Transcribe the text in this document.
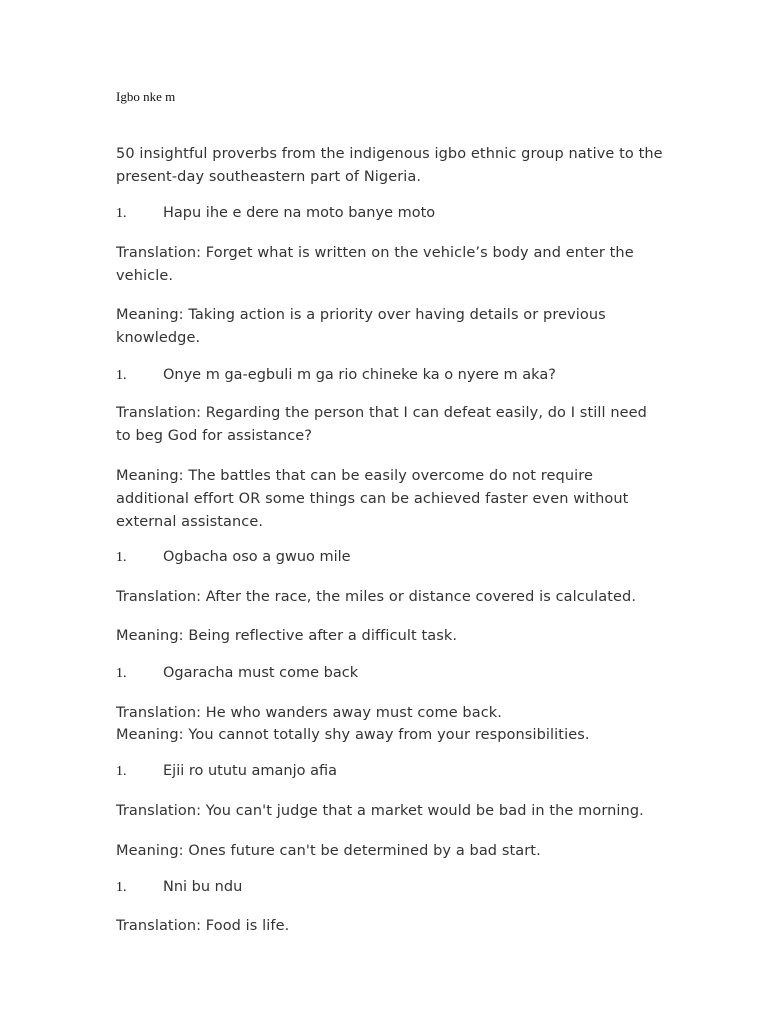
Igbo nke m

50 insightful proverbs from the indigenous igbo ethnic group native to the present-day southeastern part of Nigeria.

1.	Hapu ihe e dere na moto banye moto

Translation: Forget what is written on the vehicle’s body and enter the vehicle.

Meaning: Taking action is a priority over having details or previous knowledge.

1.	Onye m ga-egbuli m ga rio chineke ka o nyere m aka?

Translation: Regarding the person that I can defeat easily, do I still need to beg God for assistance?

Meaning: The battles that can be easily overcome do not require additional effort OR some things can be achieved faster even without external assistance.

1.	Ogbacha oso a gwuo mile

Translation: After the race, the miles or distance covered is calculated.

Meaning: Being reflective after a difficult task.

1.	Ogaracha must come back

Translation: He who wanders away must come back.

Meaning: You cannot totally shy away from your responsibilities.

1.	Ejii ro ututu amanjo afia

Translation: You can't judge that a market would be bad in the morning.

Meaning: Ones future can't be determined by a bad start.

1.	Nni bu ndu

Translation: Food is life.
